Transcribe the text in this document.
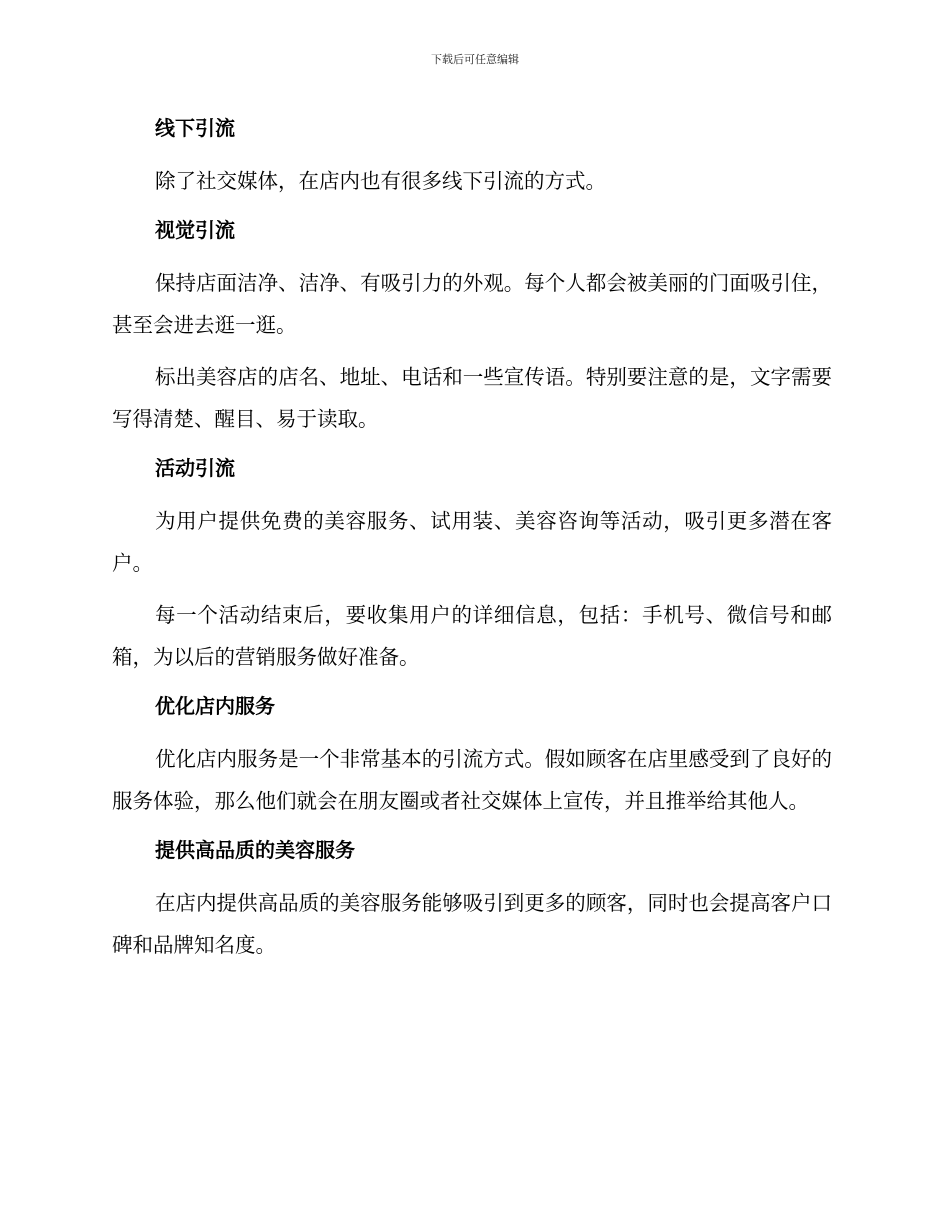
下载后可任意编辑
线下引流

除了社交媒体，在店内也有很多线下引流的方式。

视觉引流

保持店面洁净、洁净、有吸引力的外观。每个人都会被美丽的门面吸引住，甚至会进去逛一逛。

标出美容店的店名、地址、电话和一些宣传语。特别要注意的是，文字需要写得清楚、醒目、易于读取。

活动引流

为用户提供免费的美容服务、试用装、美容咨询等活动，吸引更多潜在客户。

每一个活动结束后，要收集用户的详细信息，包括：手机号、微信号和邮箱，为以后的营销服务做好准备。

优化店内服务

优化店内服务是一个非常基本的引流方式。假如顾客在店里感受到了良好的服务体验，那么他们就会在朋友圈或者社交媒体上宣传，并且推举给其他人。

提供高品质的美容服务

在店内提供高品质的美容服务能够吸引到更多的顾客，同时也会提高客户口碑和品牌知名度。
